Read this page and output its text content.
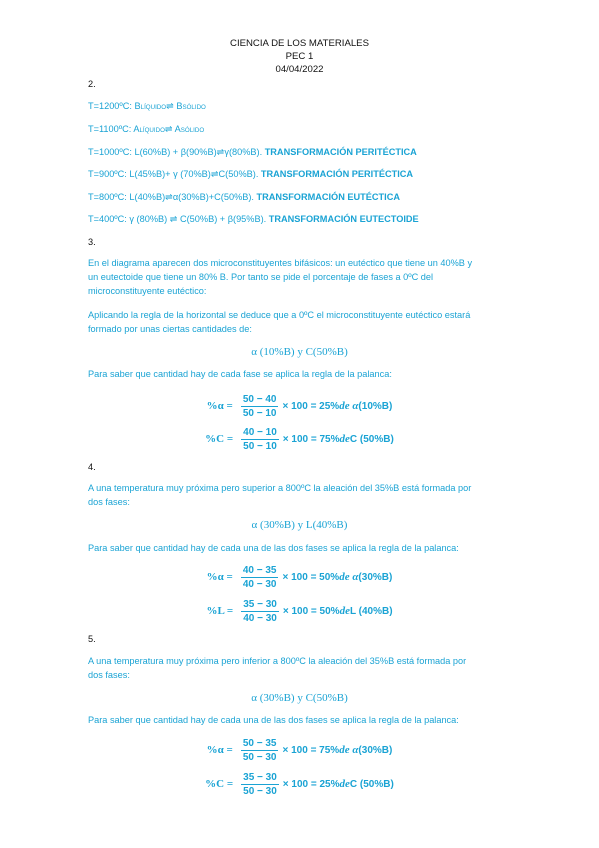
CIENCIA DE LOS MATERIALES
PEC 1
04/04/2022
2.
T=1200ºC: BLÍQUIDO⇌ BSÓLIDO
T=1100ºC: ALÍQUIDO⇌ ASÓLIDO
T=1000ºC: L(60%B) + β(90%B)⇌γ(80%B). TRANSFORMACIÓN PERITÉCTICA
T=900ºC: L(45%B)+ γ (70%B)⇌C(50%B). TRANSFORMACIÓN PERITÉCTICA
T=800ºC: L(40%B)⇌α(30%B)+C(50%B). TRANSFORMACIÓN EUTÉCTICA
T=400ºC: γ (80%B) ⇌ C(50%B) + β(95%B). TRANSFORMACIÓN EUTECTOIDE
3.
En el diagrama aparecen dos microconstituyentes bifásicos: un eutéctico que tiene un 40%B y
un eutectoide que tiene un 80% B. Por tanto se pide el porcentaje de fases a 0ºC del
microconstituyente eutéctico:
Aplicando la regla de la horizontal se deduce que a 0ºC el microconstituyente eutéctico estará
formado por unas ciertas cantidades de:
α (10%B) y C(50%B)
Para saber que cantidad hay de cada fase se aplica la regla de la palanca:
$\%\alpha = \frac{50 - 40}{50 - 10} \times 100 = 25\%$ de α (10%B)
$\%C = \frac{40 - 10}{50 - 10} \times 100 = 75\%$ de C (50%B)
4.
A una temperatura muy próxima pero superior a 800ºC la aleación del 35%B está formada por
dos fases:
α (30%B) y L(40%B)
Para saber que cantidad hay de cada una de las dos fases se aplica la regla de la palanca:
$\%\alpha = \frac{40 - 35}{40 - 30} \times 100 = 50\%$ de α (30%B)
$\%L = \frac{35 - 30}{40 - 30} \times 100 = 50\%$ de L (40%B)
5.
A una temperatura muy próxima pero inferior a 800ºC la aleación del 35%B está formada por
dos fases:
α (30%B) y C(50%B)
Para saber que cantidad hay de cada una de las dos fases se aplica la regla de la palanca:
$\%\alpha = \frac{50 - 35}{50 - 30} \times 100 = 75\%$ de α (30%B)
$\%C = \frac{35 - 30}{50 - 30} \times 100 = 25\%$ de C (50%B)
